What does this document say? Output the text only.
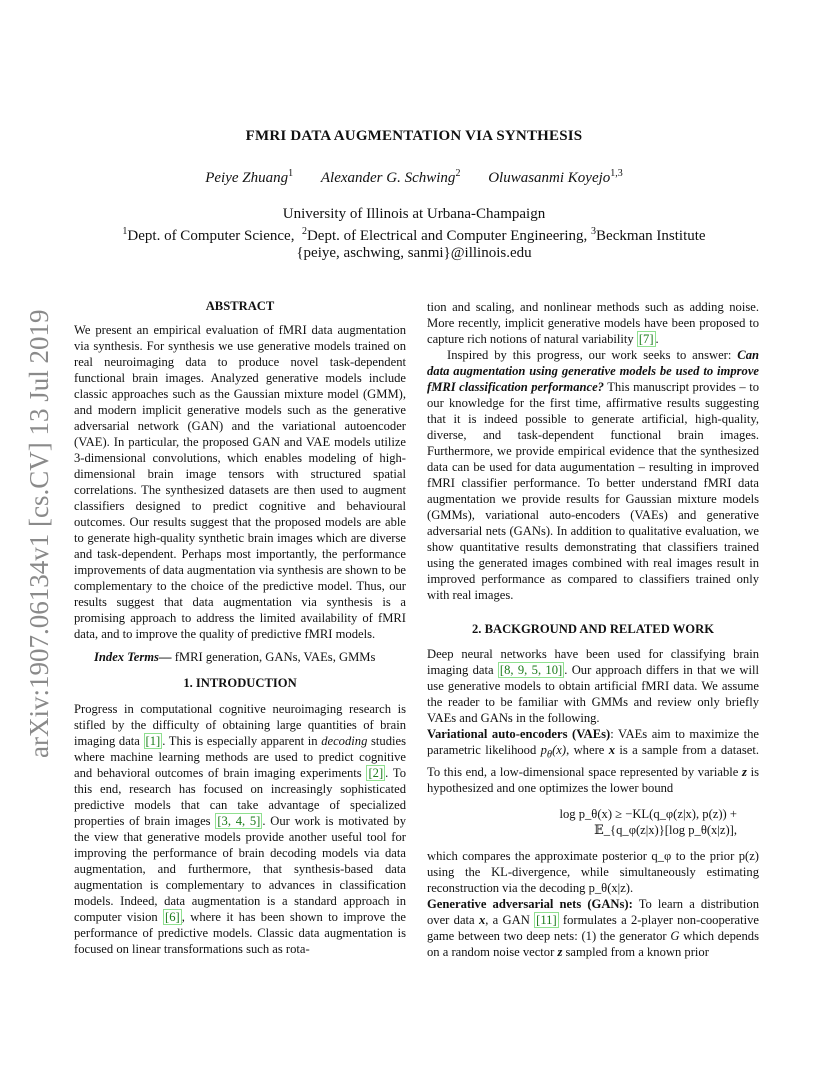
arXiv:1907.06134v1 [cs.CV] 13 Jul 2019
FMRI DATA AUGMENTATION VIA SYNTHESIS
Peiye Zhuang$^1$ Alexander G. Schwing$^2$ Oluwasanmi Koyejo$^{1,3}$
University of Illinois at Urbana-Champaign
$^1$Dept. of Computer Science, $^2$Dept. of Electrical and Computer Engineering, $^3$Beckman Institute
{peiye, aschwing, sanmi}@illinois.edu

ABSTRACT

We present an empirical evaluation of fMRI data augmentation via synthesis. For synthesis we use generative models trained on real neuroimaging data to produce novel task-dependent functional brain images. Analyzed generative models include classic approaches such as the Gaussian mixture model (GMM), and modern implicit generative models such as the generative adversarial network (GAN) and the variational autoencoder (VAE). In particular, the proposed GAN and VAE models utilize 3-dimensional convolutions, which enables modeling of high-dimensional brain image tensors with structured spatial correlations. The synthesized datasets are then used to augment classifiers designed to predict cognitive and behavioural outcomes. Our results suggest that the proposed models are able to generate high-quality synthetic brain images which are diverse and task-dependent. Perhaps most importantly, the performance improvements of data augmentation via synthesis are shown to be complementary to the choice of the predictive model. Thus, our results suggest that data augmentation via synthesis is a promising approach to address the limited availability of fMRI data, and to improve the quality of predictive fMRI models.

Index Terms— fMRI generation, GANs, VAEs, GMMs

1. INTRODUCTION

Progress in computational cognitive neuroimaging research is stifled by the difficulty of obtaining large quantities of brain imaging data [1] . This is especially apparent in decoding studies where machine learning methods are used to predict cognitive and behavioral outcomes of brain imaging experiments [2] . To this end, research has focused on increasingly sophisticated predictive models that can take advantage of specialized properties of brain images [3, 4, 5] . Our work is motivated by the view that generative models provide another useful tool for improving the performance of brain decoding models via data augmentation, and furthermore, that synthesis-based data augmentation is complementary to advances in classification models. Indeed, data augmentation is a standard approach in computer vision [6] , where it has been shown to improve the performance of predictive models. Classic data augmentation is focused on linear transformations such as rota-

tion and scaling, and nonlinear methods such as adding noise. More recently, implicit generative models have been proposed to capture rich notions of natural variability [7] .

Inspired by this progress, our work seeks to answer: Can data augmentation using generative models be used to improve fMRI classification performance? This manuscript provides – to our knowledge for the first time, affirmative results suggesting that it is indeed possible to generate artificial, high-quality, diverse, and task-dependent functional brain images. Furthermore, we provide empirical evidence that the synthesized data can be used for data augumentation – resulting in improved fMRI classifier performance. To better understand fMRI data augmentation we provide results for Gaussian mixture models (GMMs), variational auto-encoders (VAEs) and generative adversarial nets (GANs). In addition to qualitative evaluation, we show quantitative results demonstrating that classifiers trained using the generated images combined with real images result in improved performance as compared to classifiers trained only with real images.

2. BACKGROUND AND RELATED WORK

Deep neural networks have been used for classifying brain imaging data [8, 9, 5, 10] . Our approach differs in that we will use generative models to obtain artificial fMRI data. We assume the reader to be familiar with GMMs and review only briefly VAEs and GANs in the following.

Variational auto-encoders (VAEs): VAEs aim to maximize the parametric likelihood $p_\theta(x)$, where x is a sample from a dataset. To this end, a low-dimensional space represented by variable z is hypothesized and one optimizes the lower bound

log p_θ(x) ≥ −KL(q_φ(z|x), p(z)) +

𝔼_{q_φ(z|x)}[log p_θ(x|z)],

which compares the approximate posterior q_φ to the prior p(z) using the KL-divergence, while simultaneously estimating reconstruction via the decoding p_θ(x|z).

Generative adversarial nets (GANs): To learn a distribution over data x, a GAN [11] formulates a 2-player non-cooperative game between two deep nets: (1) the generator G which depends on a random noise vector z sampled from a known prior
